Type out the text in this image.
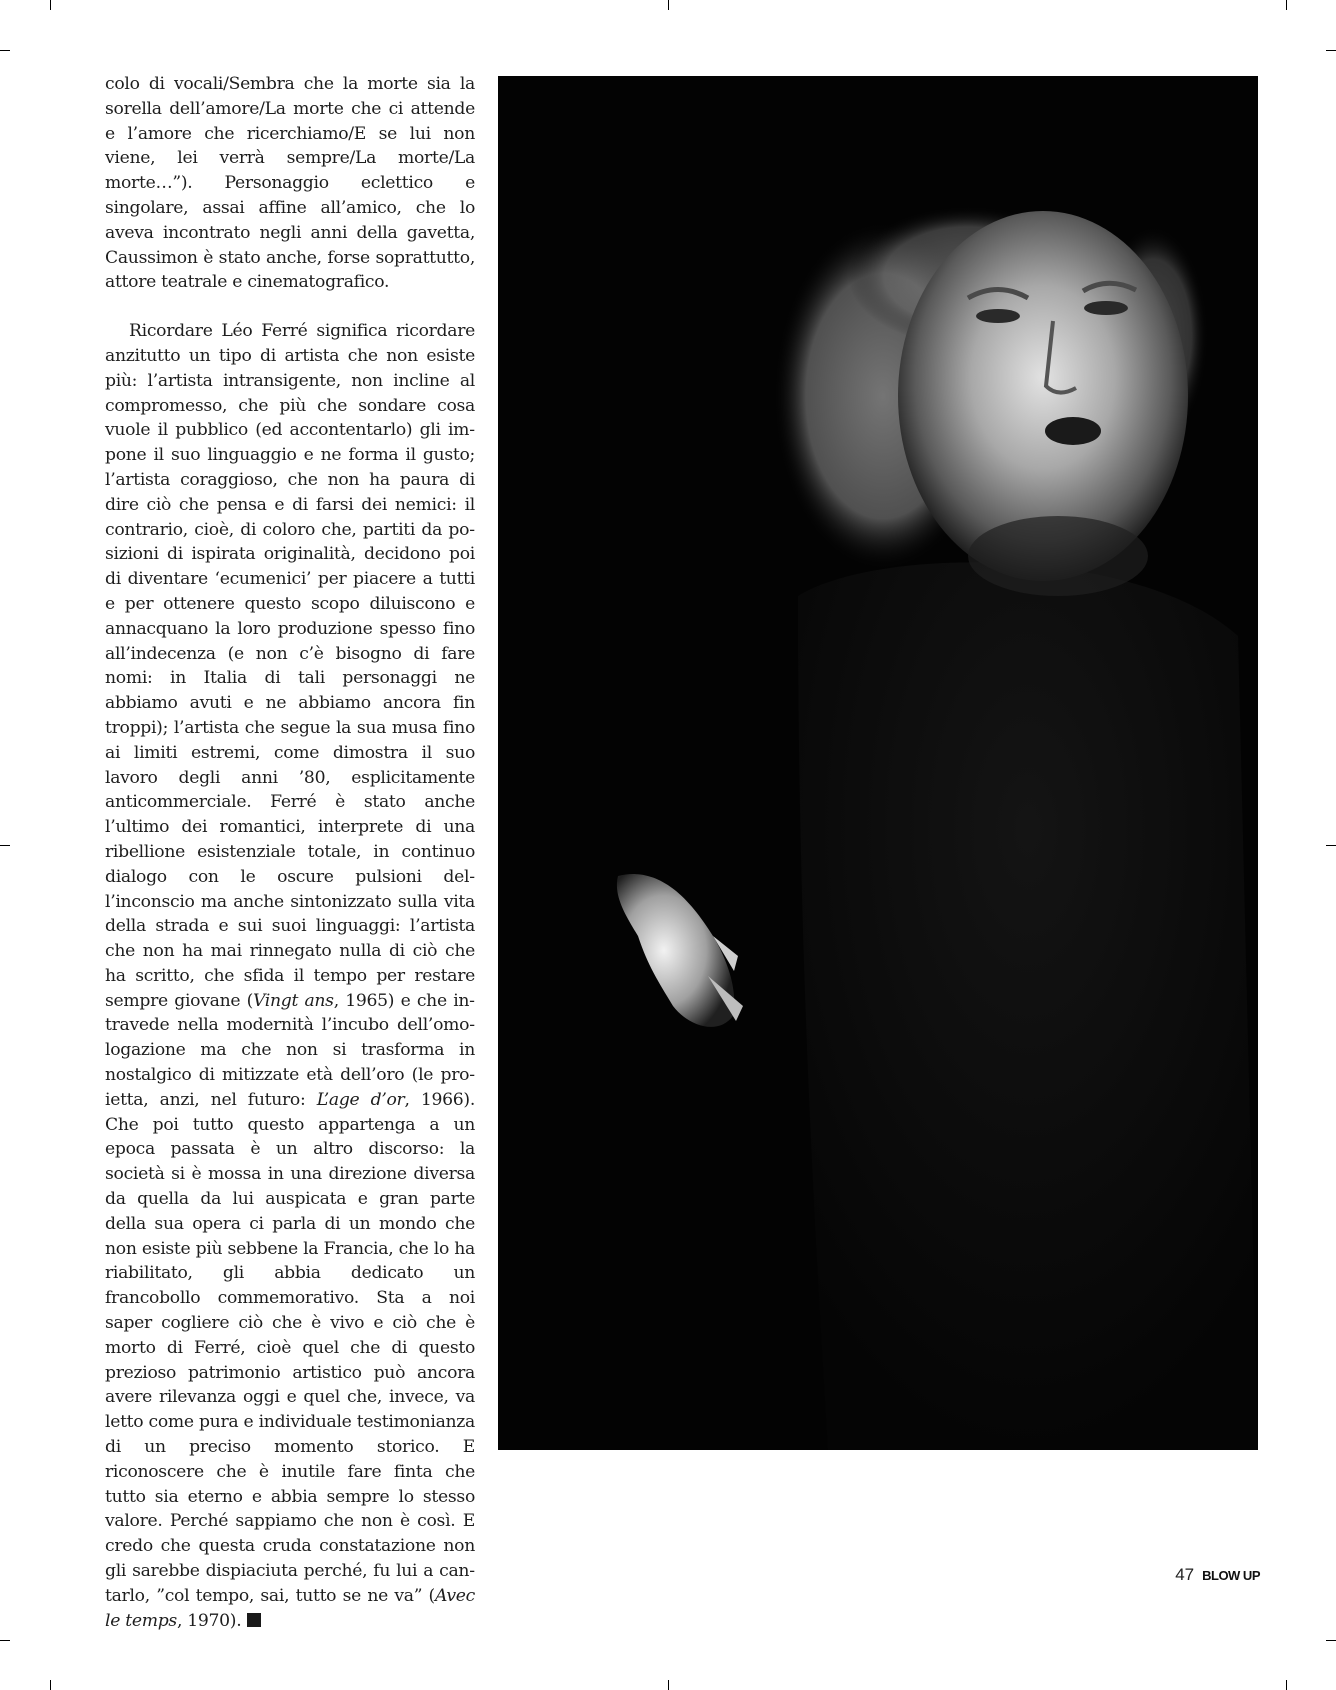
colo di vocali/Sembra che la morte sia la sorella dell’amore/La morte che ci attende e l’amore che ricerchiamo/E se lui non viene, lei verrà sempre/La morte/La morte…”). Personaggio eclettico e singolare, assai affine all’amico, che lo aveva incontrato negli anni della gavetta, Caussimon è stato anche, forse soprattutto, attore teatrale e cinematografico.

Ricordare Léo Ferré significa ricordare anzitutto un tipo di artista che non esiste più: l’artista intransigente, non incline al compromesso, che più che sondare cosa vuole il pubblico (ed accontentarlo) gli impone il suo linguaggio e ne forma il gusto; l’artista coraggioso, che non ha paura di dire ciò che pensa e di farsi dei nemici: il contrario, cioè, di coloro che, partiti da posizioni di ispirata originalità, decidono poi di diventare ‘ecumenici’ per piacere a tutti e per ottenere questo scopo diluiscono e annacquano la loro produzione spesso fino all’indecenza (e non c’è bisogno di fare nomi: in Italia di tali personaggi ne abbiamo avuti e ne abbiamo ancora fin troppi); l’artista che segue la sua musa fino ai limiti estremi, come dimostra il suo lavoro degli anni ’80, esplicitamente anticommerciale. Ferré è stato anche l’ultimo dei romantici, interprete di una ribellione esistenziale totale, in continuo dialogo con le oscure pulsioni dell’inconscio ma anche sintonizzato sulla vita della strada e sui suoi linguaggi: l’artista che non ha mai rinnegato nulla di ciò che ha scritto, che sfida il tempo per restare sempre giovane (Vingt ans, 1965) e che intravede nella modernità l’incubo dell’omologazione ma che non si trasforma in nostalgico di mitizzate età dell’oro (le proietta, anzi, nel futuro: L’age d’or, 1966). Che poi tutto questo appartenga a un epoca passata è un altro discorso: la società si è mossa in una direzione diversa da quella da lui auspicata e gran parte della sua opera ci parla di un mondo che non esiste più sebbene la Francia, che lo ha riabilitato, gli abbia dedicato un francobollo commemorativo. Sta a noi saper cogliere ciò che è vivo e ciò che è morto di Ferré, cioè quel che di questo prezioso patrimonio artistico può ancora avere rilevanza oggi e quel che, invece, va letto come pura e individuale testimonianza di un preciso momento storico. E riconoscere che è inutile fare finta che tutto sia eterno e abbia sempre lo stesso valore. Perché sappiamo che non è così. E credo che questa cruda constatazione non gli sarebbe dispiaciuta perché, fu lui a cantarlo, ”col tempo, sai, tutto se ne va” (Avec le temps, 1970).

47 BLOW UP
